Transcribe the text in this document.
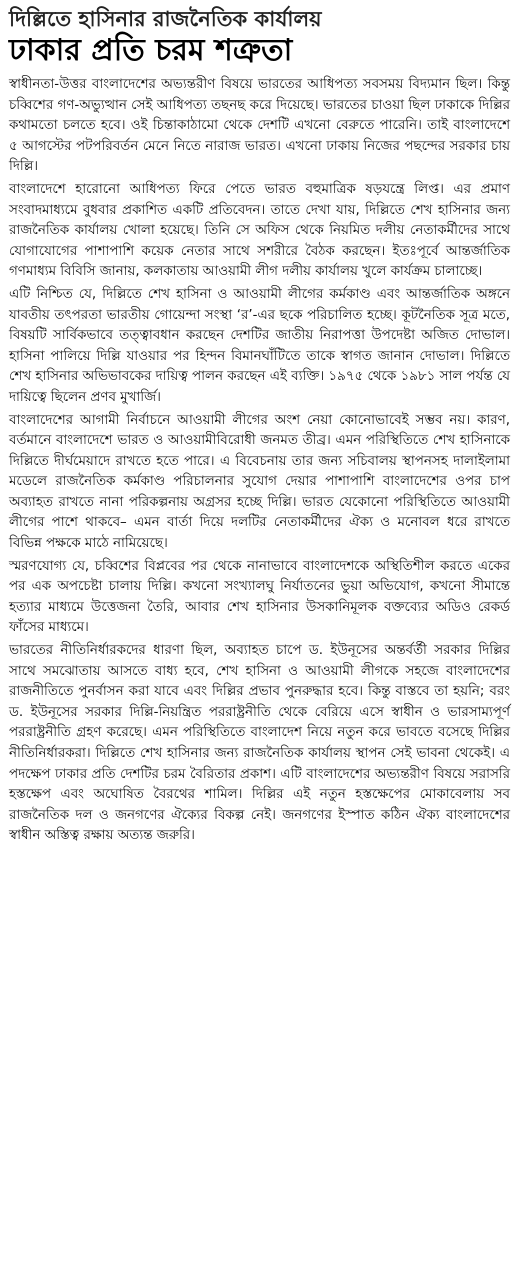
দিল্লিতে হাসিনার রাজনৈতিক কার্যালয়
ঢাকার প্রতি চরম শত্রুতা

স্বাধীনতা-উত্তর বাংলাদেশের অভ্যন্তরীণ বিষয়ে ভারতের আধিপত্য সবসময় বিদ্যমান ছিল। কিন্তু চব্বিশের গণ-অভ্যুত্থান সেই আধিপত্য তছনছ করে দিয়েছে। ভারতের চাওয়া ছিল ঢাকাকে দিল্লির কথামতো চলতে হবে। ওই চিন্তাকাঠামো থেকে দেশটি এখনো বেরুতে পারেনি। তাই বাংলাদেশে ৫ আগস্টের পটপরিবর্তন মেনে নিতে নারাজ ভারত। এখনো ঢাকায় নিজের পছন্দের সরকার চায় দিল্লি।

বাংলাদেশে হারোনো আধিপত্য ফিরে পেতে ভারত বহুমাত্রিক ষড়যন্ত্রে লিপ্ত। এর প্রমাণ সংবাদমাধ্যমে বুধবার প্রকাশিত একটি প্রতিবেদন। তাতে দেখা যায়, দিল্লিতে শেখ হাসিনার জন্য রাজনৈতিক কার্যালয় খোলা হয়েছে। তিনি সে অফিস থেকে নিয়মিত দলীয় নেতাকর্মীদের সাথে যোগাযোগের পাশাপাশি কয়েক নেতার সাথে সশরীরে বৈঠক করছেন। ইতঃপূর্বে আন্তর্জাতিক গণমাধ্যম বিবিসি জানায়, কলকাতায় আওয়ামী লীগ দলীয় কার্যালয় খুলে কার্যক্রম চালাচ্ছে।

এটি নিশ্চিত যে, দিল্লিতে শেখ হাসিনা ও আওয়ামী লীগের কর্মকাণ্ড এবং আন্তর্জাতিক অঙ্গনে যাবতীয় তৎপরতা ভারতীয় গোয়েন্দা সংস্থা ‘র’-এর ছকে পরিচালিত হচ্ছে। কূটনৈতিক সূত্র মতে, বিষয়টি সার্বিকভাবে তত্ত্বাবধান করছেন দেশটির জাতীয় নিরাপত্তা উপদেষ্টা অজিত দোভাল। হাসিনা পালিয়ে দিল্লি যাওয়ার পর হিন্দন বিমানঘাঁটিতে তাকে স্বাগত জানান দোভাল। দিল্লিতে শেখ হাসিনার অভিভাবকের দায়িত্ব পালন করছেন এই ব্যক্তি। ১৯৭৫ থেকে ১৯৮১ সাল পর্যন্ত যে দায়িত্বে ছিলেন প্রণব মুখার্জি।

বাংলাদেশের আগামী নির্বাচনে আওয়ামী লীগের অংশ নেয়া কোনোভাবেই সম্ভব নয়। কারণ, বর্তমানে বাংলাদেশে ভারত ও আওয়ামীবিরোধী জনমত তীব্র। এমন পরিস্থিতিতে শেখ হাসিনাকে দিল্লিতে দীর্ঘমেয়াদে রাখতে হতে পারে। এ বিবেচনায় তার জন্য সচিবালয় স্থাপনসহ দালাইলামা মডেলে রাজনৈতিক কর্মকাণ্ড পরিচালনার সুযোগ দেয়ার পাশাপাশি বাংলাদেশের ওপর চাপ অব্যাহত রাখতে নানা পরিকল্পনায় অগ্রসর হচ্ছে দিল্লি। ভারত যেকোনো পরিস্থিতিতে আওয়ামী লীগের পাশে থাকবে– এমন বার্তা দিয়ে দলটির নেতাকর্মীদের ঐক্য ও মনোবল ধরে রাখতে বিভিন্ন পক্ষকে মাঠে নামিয়েছে।

স্মরণযোগ্য যে, চব্বিশের বিপ্লবের পর থেকে নানাভাবে বাংলাদেশকে অস্থিতিশীল করতে একের পর এক অপচেষ্টা চালায় দিল্লি। কখনো সংখ্যালঘু নির্যাতনের ভুয়া অভিযোগ, কখনো সীমান্তে হত্যার মাধ্যমে উত্তেজনা তৈরি, আবার শেখ হাসিনার উসকানিমূলক বক্তব্যের অডিও রেকর্ড ফাঁসের মাধ্যমে।

ভারতের নীতিনির্ধারকদের ধারণা ছিল, অব্যাহত চাপে ড. ইউনূসের অন্তর্বর্তী সরকার দিল্লির সাথে সমঝোতায় আসতে বাধ্য হবে, শেখ হাসিনা ও আওয়ামী লীগকে সহজে বাংলাদেশের রাজনীতিতে পুনর্বাসন করা যাবে এবং দিল্লির প্রভাব পুনরুদ্ধার হবে। কিন্তু বাস্তবে তা হয়নি; বরং ড. ইউনূসের সরকার দিল্লি-নিয়ন্ত্রিত পররাষ্ট্রনীতি থেকে বেরিয়ে এসে স্বাধীন ও ভারসাম্যপূর্ণ পররাষ্ট্রনীতি গ্রহণ করেছে। এমন পরিস্থিতিতে বাংলাদেশ নিয়ে নতুন করে ভাবতে বসেছে দিল্লির নীতিনির্ধারকরা। দিল্লিতে শেখ হাসিনার জন্য রাজনৈতিক কার্যালয় স্থাপন সেই ভাবনা থেকেই। এ পদক্ষেপ ঢাকার প্রতি দেশটির চরম বৈরিতার প্রকাশ। এটি বাংলাদেশের অভ্যন্তরীণ বিষয়ে সরাসরি হস্তক্ষেপ এবং অঘোষিত বৈরথের শামিল। দিল্লির এই নতুন হস্তক্ষেপের মোকাবেলায় সব রাজনৈতিক দল ও জনগণের ঐক্যের বিকল্প নেই। জনগণের ইস্পাত কঠিন ঐক্য বাংলাদেশের স্বাধীন অস্তিত্ব রক্ষায় অত্যন্ত জরুরি।
